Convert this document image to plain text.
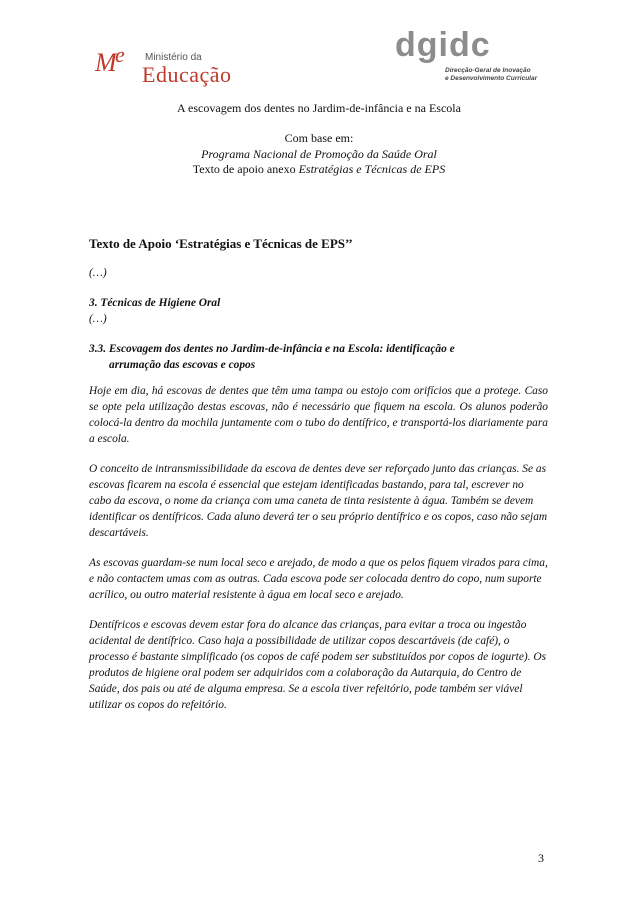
M e Ministério da
Educação
dgidc
Direcção-Geral de Inovação
e Desenvolvimento Curricular
A escovagem dos dentes no Jardim-de-infância e na Escola
Com base em:
Programa Nacional de Promoção da Saúde Oral
Texto de apoio anexo Estratégias e Técnicas de EPS

Texto de Apoio ‘Estratégias e Técnicas de EPS’’

(…)

3. Técnicas de Higiene Oral

(…)

3.3. Escovagem dos dentes no Jardim-de-infância e na Escola: identificação e

arrumação das escovas e copos

Hoje em dia, há escovas de dentes que têm uma tampa ou estojo com orifícios que a protege. Caso se opte pela utilização destas escovas, não é necessário que fiquem na escola. Os alunos poderão colocá-la dentro da mochila juntamente com o tubo do dentífrico, e transportá-los diariamente para a escola.

O conceito de intransmissibilidade da escova de dentes deve ser reforçado junto das crianças. Se as escovas ficarem na escola é essencial que estejam identificadas bastando, para tal, escrever no cabo da escova, o nome da criança com uma caneta de tinta resistente à água. Também se devem identificar os dentífricos. Cada aluno deverá ter o seu próprio dentífrico e os copos, caso não sejam descartáveis.

As escovas guardam-se num local seco e arejado, de modo a que os pelos fiquem virados para cima, e não contactem umas com as outras. Cada escova pode ser colocada dentro do copo, num suporte acrílico, ou outro material resistente à água em local seco e arejado.

Dentífricos e escovas devem estar fora do alcance das crianças, para evitar a troca ou ingestão acidental de dentífrico. Caso haja a possibilidade de utilizar copos descartáveis (de café), o processo é bastante simplificado (os copos de café podem ser substituídos por copos de iogurte). Os produtos de higiene oral podem ser adquiridos com a colaboração da Autarquia, do Centro de Saúde, dos pais ou até de alguma empresa. Se a escola tiver refeitório, pode também ser viável utilizar os copos do refeitório.

3
